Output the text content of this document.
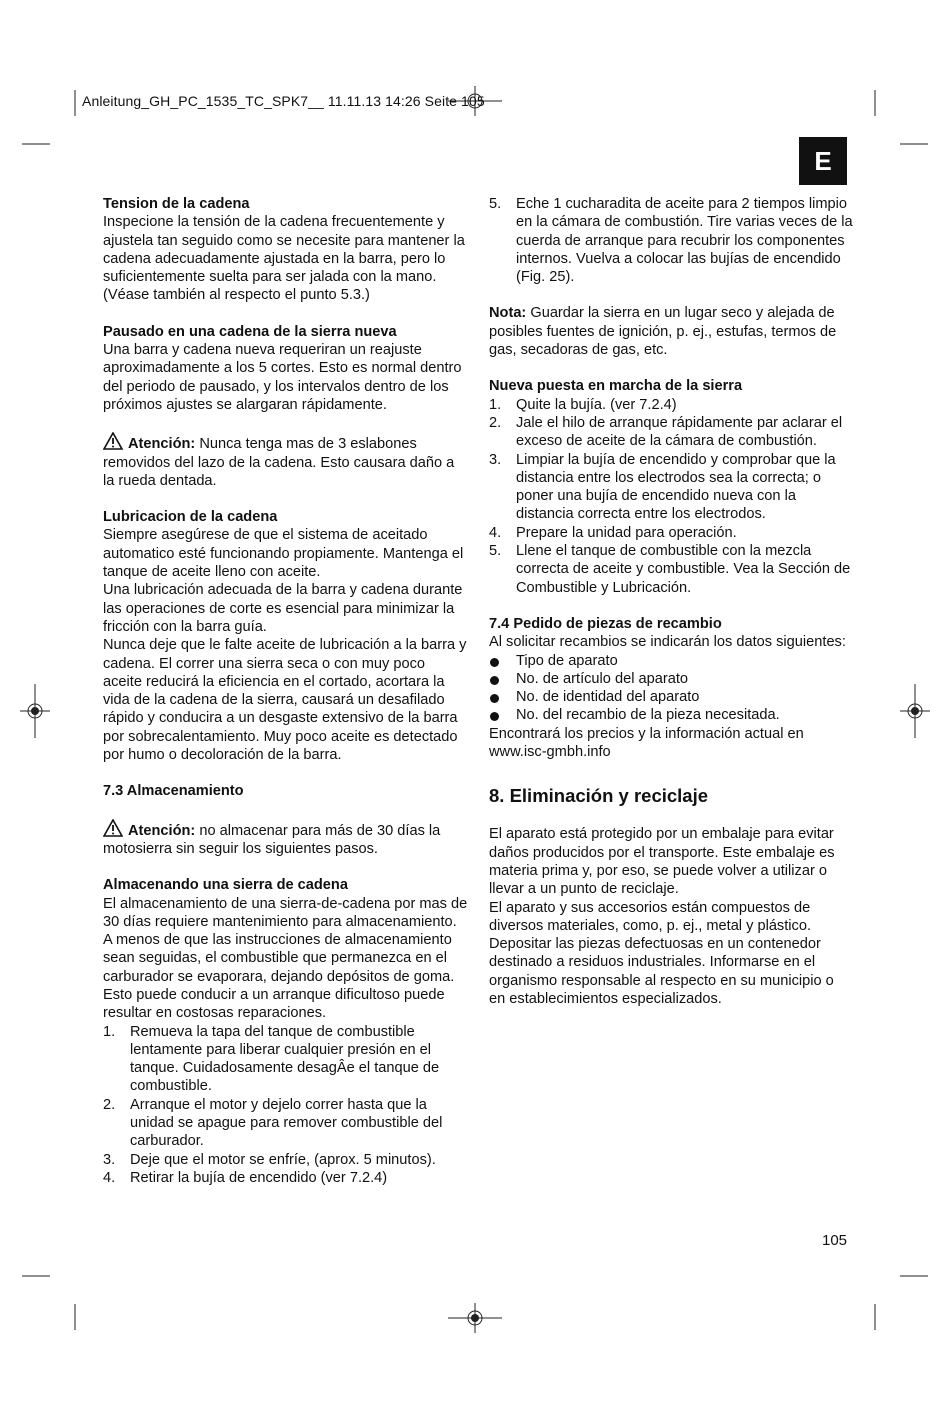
Anleitung_GH_PC_1535_TC_SPK7__ 11.11.13 14:26 Seite 105
E
Tension de la cadena
Inspecione la tensión de la cadena frecuentemente y ajustela tan seguido como se necesite para mantener la cadena adecuadamente ajustada en la barra, pero lo suficientemente suelta para ser jalada con la mano. (Véase también al respecto el punto 5.3.)
Pausado en una cadena de la sierra nueva
Una barra y cadena nueva requeriran un reajuste aproximadamente a los 5 cortes. Esto es normal dentro del periodo de pausado, y los intervalos dentro de los próximos ajustes se alargaran rápidamente.
Atención: Nunca tenga mas de 3 eslabones removidos del lazo de la cadena. Esto causara daño a la rueda dentada.
Lubricacion de la cadena
Siempre asegúrese de que el sistema de aceitado automatico esté funcionando propiamente. Mantenga el tanque de aceite lleno con aceite.
Una lubricación adecuada de la barra y cadena durante las operaciones de corte es esencial para minimizar la fricción con la barra guía.
Nunca deje que le falte aceite de lubricación a la barra y cadena. El correr una sierra seca o con muy poco aceite reducirá la eficiencia en el cortado, acortara la vida de la cadena de la sierra, causará un desafilado rápido y conducira a un desgaste extensivo de la barra por sobrecalentamiento. Muy poco aceite es detectado por humo o decoloración de la barra.
7.3 Almacenamiento
Atención: no almacenar para más de 30 días la motosierra sin seguir los siguientes pasos.
Almacenando una sierra de cadena
El almacenamiento de una sierra-de-cadena por mas de 30 días requiere mantenimiento para almacenamiento. A menos de que las instrucciones de almacenamiento sean seguidas, el combustible que permanezca en el carburador se evaporara, dejando depósitos de goma. Esto puede conducir a un arranque dificultoso puede resultar en costosas reparaciones.
1. Remueva la tapa del tanque de combustible lentamente para liberar cualquier presión en el tanque. Cuidadosamente desagÂe el tanque de combustible.
2. Arranque el motor y dejelo correr hasta que la unidad se apague para remover combustible del carburador.
3. Deje que el motor se enfríe, (aprox. 5 minutos).
4. Retirar la bujía de encendido (ver 7.2.4)
5. Eche 1 cucharadita de aceite para 2 tiempos limpio en la cámara de combustión. Tire varias veces de la cuerda de arranque para recubrir los componentes internos. Vuelva a colocar las bujías de encendido (Fig. 25).
Nota: Guardar la sierra en un lugar seco y alejada de posibles fuentes de ignición, p. ej., estufas, termos de gas, secadoras de gas, etc.
Nueva puesta en marcha de la sierra
1. Quite la bujía. (ver 7.2.4)
2. Jale el hilo de arranque rápidamente par aclarar el exceso de aceite de la cámara de combustión.
3. Limpiar la bujía de encendido y comprobar que la distancia entre los electrodos sea la correcta; o poner una bujía de encendido nueva con la distancia correcta entre los electrodos.
4. Prepare la unidad para operación.
5. Llene el tanque de combustible con la mezcla correcta de aceite y combustible. Vea la Sección de Combustible y Lubricación.
7.4 Pedido de piezas de recambio
Al solicitar recambios se indicarán los datos siguientes:
Tipo de aparato
No. de artículo del aparato
No. de identidad del aparato
No. del recambio de la pieza necesitada.
Encontrará los precios y la información actual en www.isc-gmbh.info
8. Eliminación y reciclaje
El aparato está protegido por un embalaje para evitar daños producidos por el transporte. Este embalaje es materia prima y, por eso, se puede volver a utilizar o llevar a un punto de reciclaje.
El aparato y sus accesorios están compuestos de diversos materiales, como, p. ej., metal y plástico. Depositar las piezas defectuosas en un contenedor destinado a residuos industriales. Informarse en el organismo responsable al respecto en su municipio o en establecimientos especializados.
105
